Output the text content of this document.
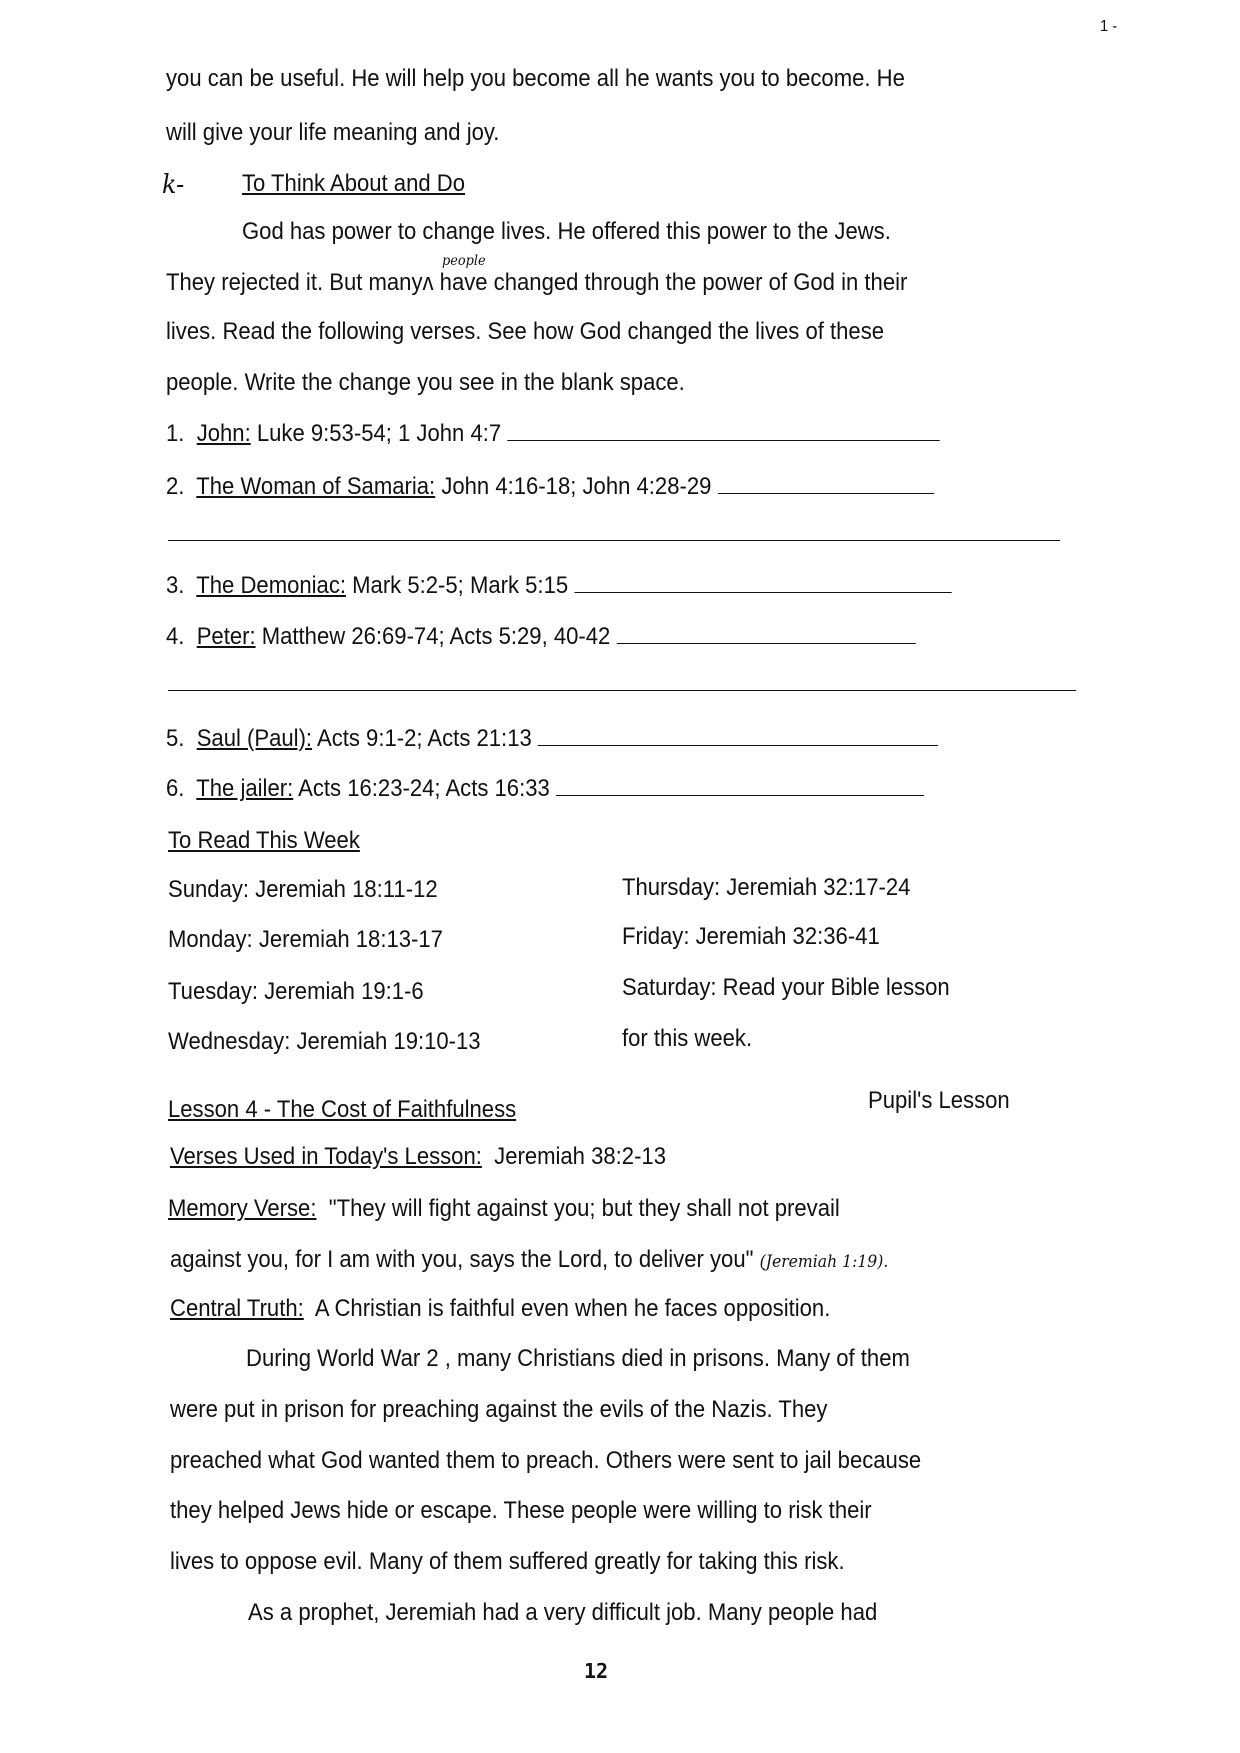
1 -
you can be useful. He will help you become all he wants you to become. He
will give your life meaning and joy.
k- To Think About and Do
God has power to change lives. He offered this power to the Jews.
people
They rejected it. But manyʌ have changed through the power of God in their
lives. Read the following verses. See how God changed the lives of these
people. Write the change you see in the blank space.
1. John: Luke 9:53-54; 1 John 4:7
2. The Woman of Samaria: John 4:16-18; John 4:28-29
3. The Demoniac: Mark 5:2-5; Mark 5:15
4. Peter: Matthew 26:69-74; Acts 5:29, 40-42
5. Saul (Paul): Acts 9:1-2; Acts 21:13
6. The jailer: Acts 16:23-24; Acts 16:33
To Read This Week
Sunday: Jeremiah 18:11-12
Monday: Jeremiah 18:13-17
Tuesday: Jeremiah 19:1-6
Wednesday: Jeremiah 19:10-13
Thursday: Jeremiah 32:17-24
Friday: Jeremiah 32:36-41
Saturday: Read your Bible lesson
for this week.
Lesson 4 - The Cost of Faithfulness	Pupil's Lesson
Verses Used in Today's Lesson: Jeremiah 38:2-13
Memory Verse: "They will fight against you; but they shall not prevail
against you, for I am with you, says the Lord, to deliver you" (Jeremiah 1:19).
Central Truth: A Christian is faithful even when he faces opposition.
During World War 2 , many Christians died in prisons. Many of them
were put in prison for preaching against the evils of the Nazis. They
preached what God wanted them to preach. Others were sent to jail because
they helped Jews hide or escape. These people were willing to risk their
lives to oppose evil. Many of them suffered greatly for taking this risk.
As a prophet, Jeremiah had a very difficult job. Many people had
12
